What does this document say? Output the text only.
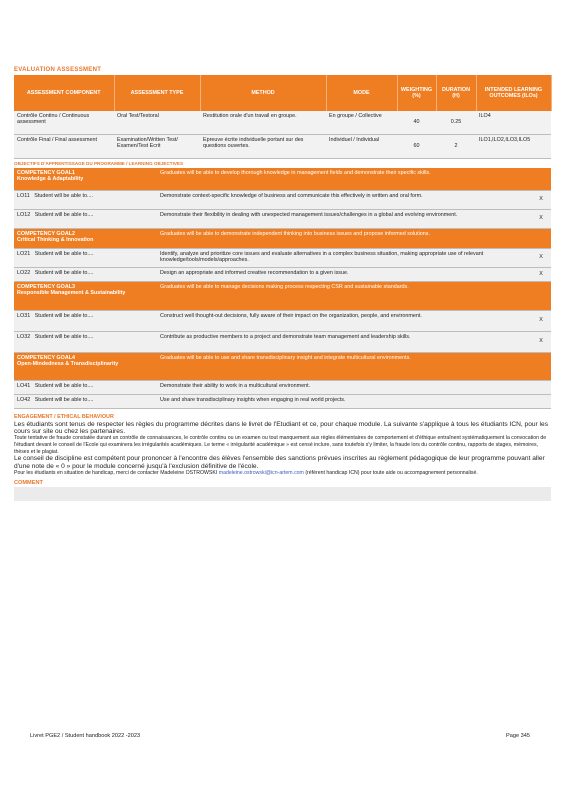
EVALUATION ASSESSMENT
ASSESSMENT COMPONENT	ASSESSMENT TYPE	METHOD	MODE	WEIGHTING (%)	DURATION (H)	INTENDED LEARNING OUTCOMES (ILOs)
Contrôle Continu / Continuous assessment	Oral Test/Testoral	Restitution orale d'un travail en groupe.	En groupe / Collective	40	0.25	ILO4
Contrôle Final / Final assessment	Examination/Written Test/ Examen/Test Ecrit	Epreuve écrite individuelle portant sur des questions ouvertes.	Individuel / Individual	60	2	ILO1,ILO2,ILO3,ILO5
OBJECTIFS D'APPRENTISSAGE DU PROGRAMME / LEARNING OBJECTIVES
COMPETENCY GOAL1
Knowledge & Adaptability	Graduates will be able to develop thorough knowledge in management fields and demonstrate their specific skills.	
LO11 Student will be able to....	Demonstrate context-specific knowledge of business and communicate this effectively in written and oral form.	X
LO12 Student will be able to....	Demonstrate their flexibility in dealing with unexpected management issues/challenges in a global and evolving environment.	X
COMPETENCY GOAL2
Critical Thinking & Innovation	Graduates will be able to demonstrate independent thinking into business issues and propose informed solutions.	
LO21 Student will be able to....	Identify, analyze and prioritize core issues and evaluate alternatives in a complex business situation, making appropriate use of relevant knowledge/tools/models/approaches.	X
LO22 Student will be able to....	Design an appropriate and informed creative recommendation to a given issue.	X
COMPETENCY GOAL3
Responsible Management & Sustainability	Graduates will be able to manage decisions making process respecting CSR and sustainable standards.	
LO31 Student will be able to....	Construct well thought-out decisions, fully aware of their impact on the organization, people, and environment.	X
LO32 Student will be able to....	Contribute as productive members to a project and demonstrate team management and leadership skills.	X
COMPETENCY GOAL4
Open-Mindedness & Transdisciplinarity	Graduates will be able to use and share transdisciplinary insight and integrate multicultural environments.	
LO41 Student will be able to....	Demonstrate their ability to work in a multicultural environment.	
LO42 Student will be able to....	Use and share transdisciplinary insights when engaging in real world projects.	
ENGAGEMENT / ETHICAL BEHAVIOUR

Les étudiants sont tenus de respecter les règles du programme décrites dans le livret de l'Etudiant et ce, pour chaque module. La suivante s'applique à tous les étudiants ICN, pour les cours sur site ou chez les partenaires.

Toute tentative de fraude constatée durant un contrôle de connaissances, le contrôle continu ou un examen ou tout manquement aux règles élémentaires de comportement et d'éthique entraînent systématiquement la convocation de l'étudiant devant le conseil de l'Ecole qui examinera les irrégularités académiques. Le terme « irrégularité académique » est censé inclure, sans toutefois s'y limiter, la fraude lors du contrôle continu, rapports de stages, mémoires, thèses et le plagiat.

Le conseil de discipline est compétent pour prononcer à l'encontre des élèves l'ensemble des sanctions prévues inscrites au règlement pédagogique de leur programme pouvant aller d'une note de « 0 » pour le module concerné jusqu'à l'exclusion définitive de l'école.

Pour les étudiants en situation de handicap, merci de contacter Madeleine OSTROWSKI madeleine.ostrowski@icn-artem.com (référent handicap ICN) pour toute aide ou accompagnement personnalisé.

COMMENT
Livret PGE2 / Student handbook 2022 -2023	Page 345
